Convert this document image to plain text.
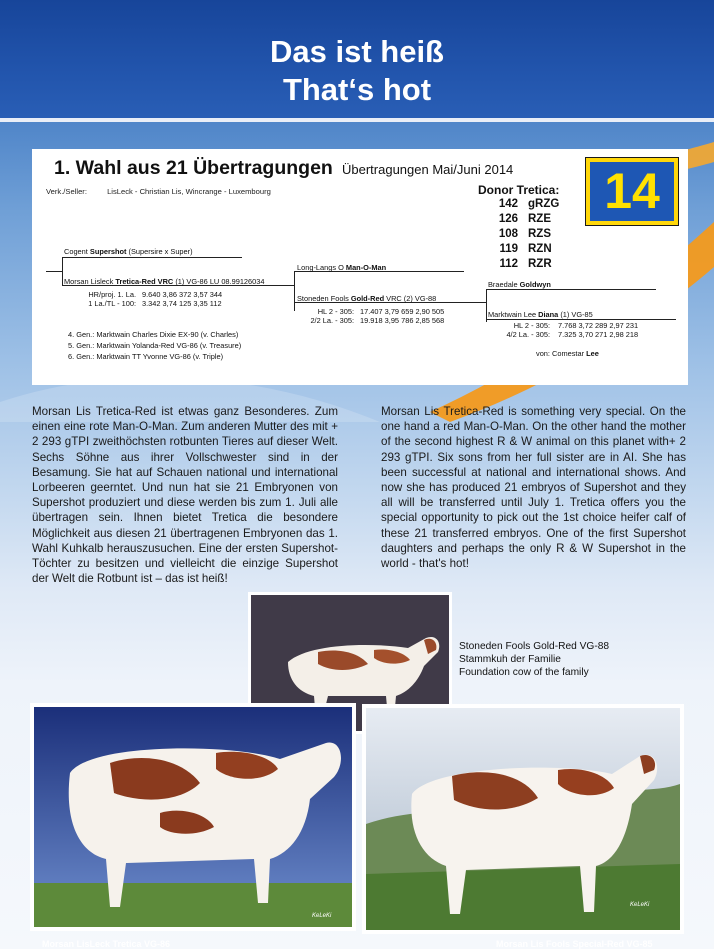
Das ist heiß
That‘s hot
1. Wahl aus 21 Übertragungen Übertragungen Mai/Juni 2014
Verk./Seller:	LisLeck - Christian Lis, Wincrange - Luxembourg	Donor Tretica:
142 gRZG
126 RZE
108 RZS
119 RZN
112 RZR
14
Cogent Supershot (Supersire x Super)
Morsan Lisleck Tretica-Red VRC (1) VG-86 LU 08.99126034
HR/proj. 1. La. 9.640 3,86 372 3,57 344
1 La./TL - 100: 3.342 3,74 125 3,35 112
Long-Langs O Man-O-Man
Stoneden Fools Gold-Red VRC (2) VG-88
HL 2 - 305: 17.407 3,79 659 2,90 505
2/2 La. - 305: 19.918 3,95 786 2,85 568
Braedale Goldwyn
Marktwain Lee Diana (1) VG-85
HL 2 - 305: 7.768 3,72 289 2,97 231
4/2 La. - 305: 7.325 3,70 271 2,98 218
von: Comestar Lee
4. Gen.: Marktwain Charles Dixie EX-90 (v. Charles)
5. Gen.: Marktwain Yolanda-Red VG-86 (v. Treasure)
6. Gen.: Marktwain TT Yvonne VG-86 (v. Triple)
Morsan Lis Tretica-Red ist etwas ganz Besonderes. Zum einen eine rote Man-O-Man. Zum anderen Mutter des mit + 2 293 gTPI zweithöchsten rotbunten Tieres auf dieser Welt. Sechs Söhne aus ihrer Vollschwester sind in der Besamung. Sie hat auf Schauen national und international Lorbeeren geerntet. Und nun hat sie 21 Embryonen von Supershot produziert und diese werden bis zum 1. Juli alle übertragen sein. Ihnen bietet Tretica die besondere Möglichkeit aus diesen 21 übertragenen Embryonen das 1. Wahl Kuhkalb herauszusuchen. Eine der ersten Supershot-Töchter zu besitzen und vielleicht die einzige Supershot der Welt die Rotbunt ist – das ist heiß!
Morsan Lis Tretica-Red is something very special. On the one hand a red Man-O-Man. On the other hand the mother of the second highest R & W animal on this planet with+ 2 293 gTPI. Six sons from her full sister are in AI. She has been successful at national and international shows. And now she has produced 21 embryos of Supershot and they all will be transferred until July 1. Tretica offers you the special opportunity to pick out the 1st choice heifer calf of these 21 transferred embryos. One of the first Supershot daughters and perhaps the only R & W Supershot in the world - that's hot!
Stoneden Fools Gold-Red VG-88
Stammkuh der Familie
Foundation cow of the family
KeLeKi
Morsan LisLeck Tretica VG-86
KeLeKi
Morsan Lis Fools Special-Red VG-85
